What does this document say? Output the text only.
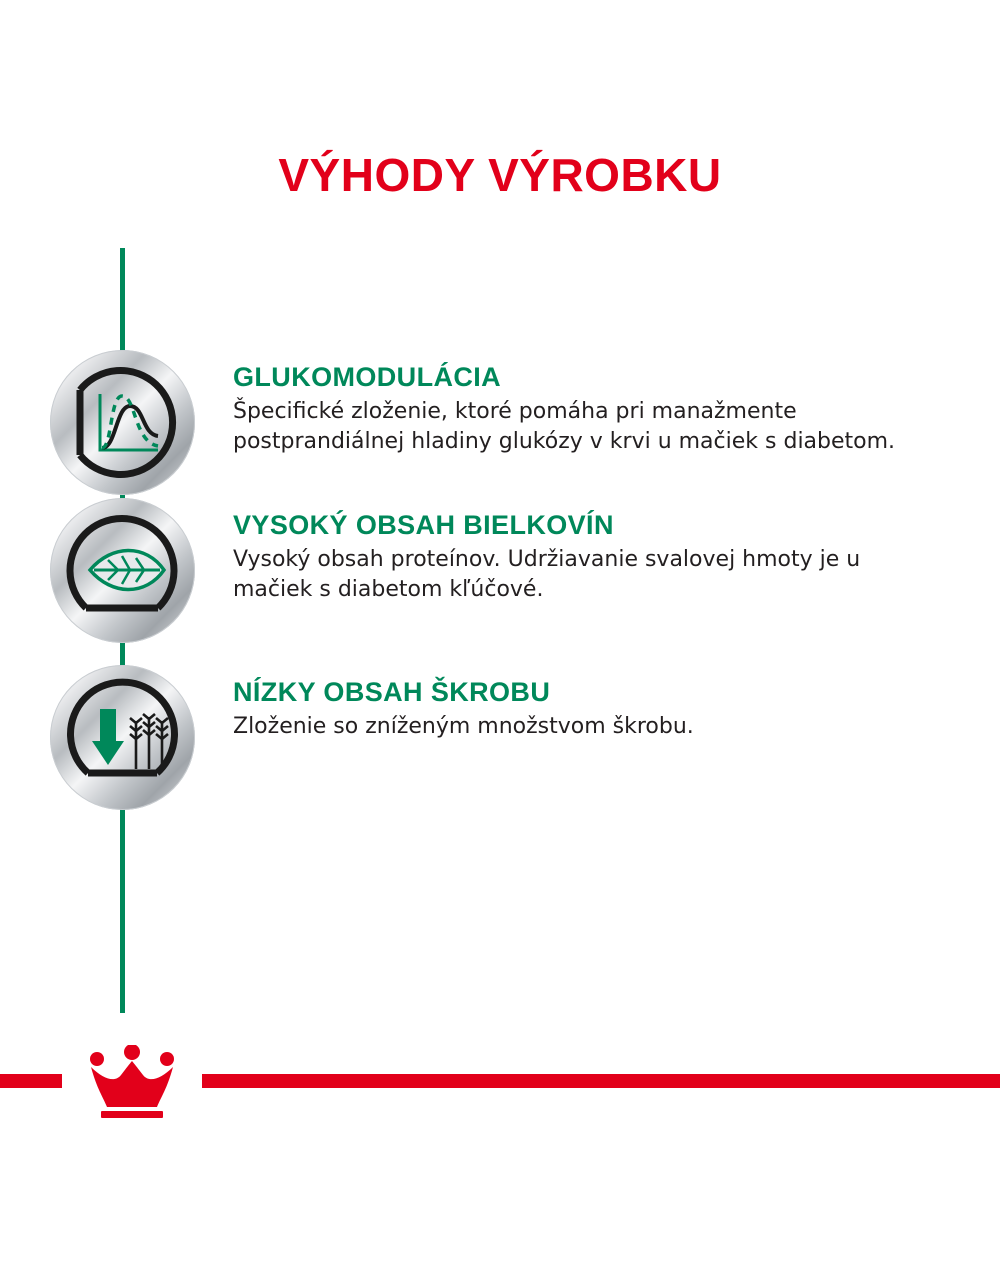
VÝHODY VÝROBKU
GLUKOMODULÁCIA

Špecifické zloženie, ktoré pomáha pri manažmente postprandiálnej hladiny glukózy v krvi u mačiek s diabetom.

VYSOKÝ OBSAH BIELKOVÍN

Vysoký obsah proteínov. Udržiavanie svalovej hmoty je u mačiek s diabetom kľúčové.

NÍZKY OBSAH ŠKROBU

Zloženie so zníženým množstvom škrobu.
